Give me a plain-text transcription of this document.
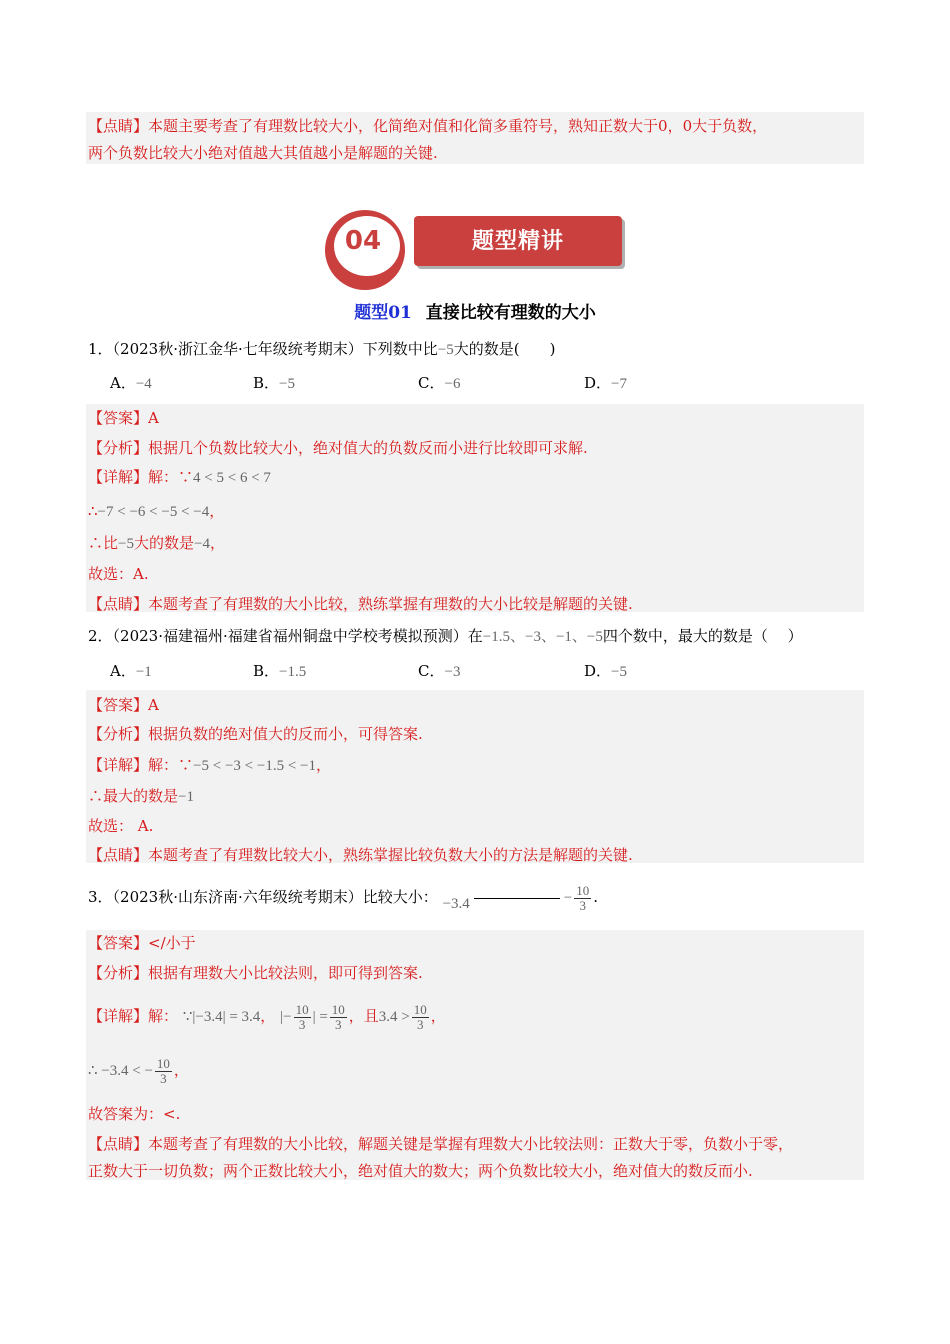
【点睛】本题主要考查了有理数比较大小，化简绝对值和化简多重符号，熟知正数大于0，0大于负数，
两个负数比较大小绝对值越大其值越小是解题的关键.
04	题型精讲
题型01 直接比较有理数的大小
1．（2023秋·浙江金华·七年级统考期末）下列数中比−5大的数是(　　)
A．−4	B．−5	C．−6	D．−7
【答案】A
【分析】根据几个负数比较大小，绝对值大的负数反而小进行比较即可求解.
【详解】解：∵4 < 5 < 6 < 7
∴−7 < −6 < −5 < −4，
∴比−5大的数是−4，
故选：A.
【点睛】本题考查了有理数的大小比较，熟练掌握有理数的大小比较是解题的关键.
2．（2023·福建福州·福建省福州铜盘中学校考模拟预测）在−1.5、−3、−1、−5四个数中，最大的数是（　 ）
A．−1	B．−1.5	C．−3	D．−5
【答案】A
【分析】根据负数的绝对值大的反而小，可得答案.
【详解】解：∵−5 < −3 < −1.5 < −1，
∴最大的数是−1
故选： A.
【点睛】本题考查了有理数比较大小，熟练掌握比较负数大小的方法是解题的关键.
3．（2023秋·山东济南·六年级统考期末）比较大小： −3.4	− $\frac{10}{3}$ .
【答案】</小于
【分析】根据有理数大小比较法则，即可得到答案.
【详解】解： ∵|−3.4| = 3.4， |− $\frac{10}{3}$ | = $\frac{10}{3}$ ，且$3.4 > \frac{10}{3}$ ，
∴ −3.4 < − $\frac{10}{3}$ ，
故答案为：<.
【点睛】本题考查了有理数的大小比较，解题关键是掌握有理数大小比较法则：正数大于零，负数小于零，
正数大于一切负数；两个正数比较大小，绝对值大的数大；两个负数比较大小，绝对值大的数反而小.
